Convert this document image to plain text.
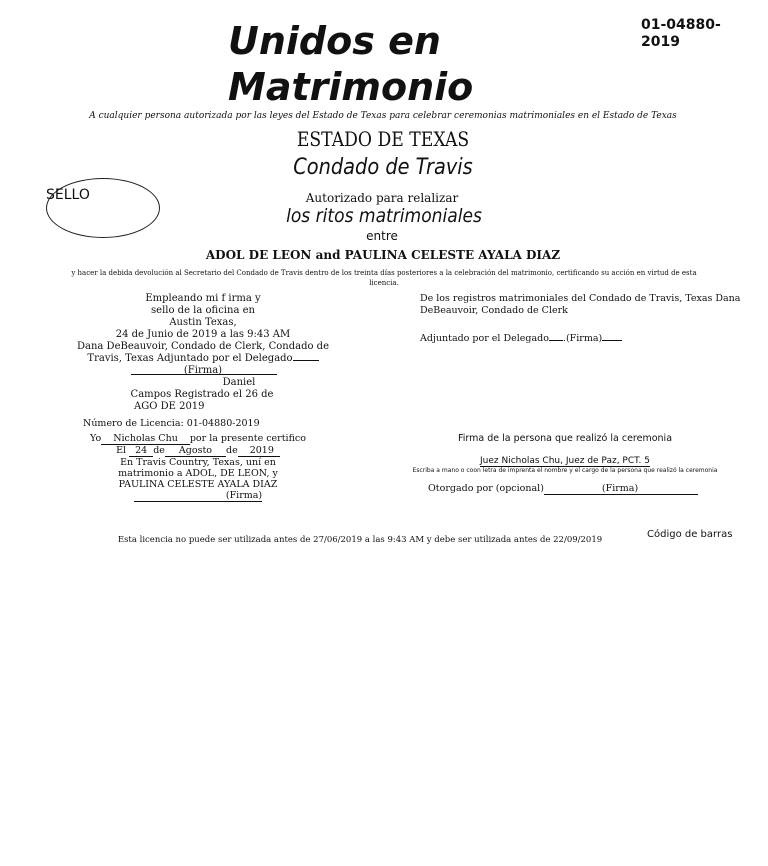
Unidos en
Matrimonio
01-04880-
2019
A cualquier persona autorizada por las leyes del Estado de Texas para celebrar ceremonias matrimoniales en el Estado de Texas
ESTADO DE TEXAS
Condado de Travis
SELLO	Autorizado para relalizar
los ritos matrimoniales
entre
ADOL DE LEON and PAULINA CELESTE AYALA DIAZ
y hacer la debida devolución al Secretario del Condado de Travis dentro de los treinta días posteriores a la celebración del matrimonio, certificando su acción en virtud de esta licencia.
Empleando mi f irma y
sello de la oficina en
Austin Texas,
24 de Junio de 2019 a las 9:43 AM
Dana DeBeauvoir, Condado de Clerk, Condado de
Travis, Texas Adjuntado por el Delegado(Firma)
Daniel
Campos Registrado el 26 de
AGO DE 2019
De los registros matrimoniales del Condado de Travis, Texas Dana DeBeauvoir, Condado de Clerk
Adjuntado por el Delegado .(Firma)
Número de Licencia: 01-04880-2019
Yo Nicholas Chu por la presente certifico
El 24 de Agosto de 2019
En Travis Country, Texas, uní en
matrimonio a ADOL, DE LEON, y
PAULINA CELESTE AYALA DIAZ
(Firma)
Firma de la persona que realizó la ceremonia
Juez Nicholas Chu, Juez de Paz, PCT. 5
Escriba a mano o coon letra de imprenta el nombre y el cargo de la persona que realizó la ceremonia
Otorgado por (opcional)	(Firma)
Esta licencia no puede ser utilizada antes de 27/06/2019 a las 9:43 AM y debe ser utilizada antes de 22/09/2019	Código de barras
